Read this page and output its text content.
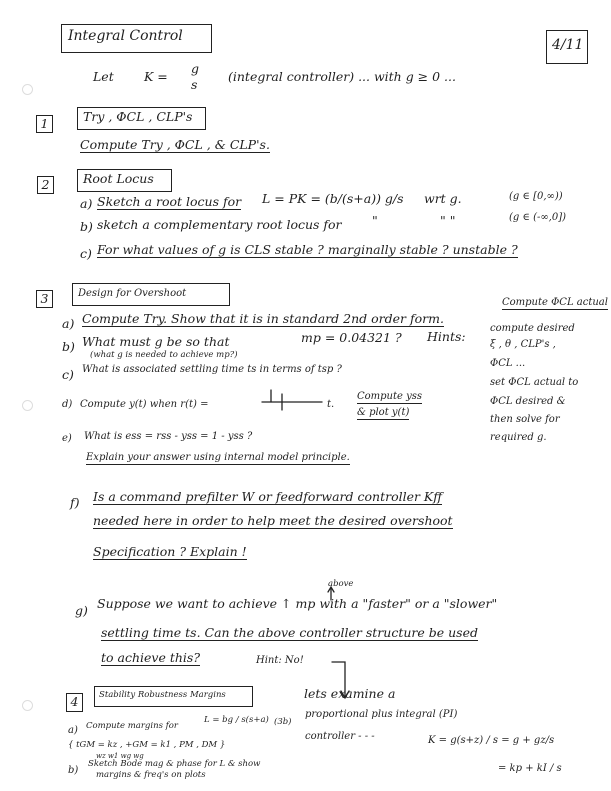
Integral Control
4/11
Let K =
g
s
(integral controller) ... with g ≥ 0 ...
1	Try , ΦCL , CLP's
Compute Try , ΦCL , & CLP's.
2	Root Locus
a) Sketch a root locus for L = PK = (b/(s+a)) g/s wrt g.	(g ∈ [0,∞))
b) sketch a complementary root locus for "	" "	(g ∈ (-∞,0])
c) For what values of g is CLS stable ? marginally stable ? unstable ?
3	Design for Overshoot
Compute ΦCL actual
a) Compute Try. Show that it is in standard 2nd order form.
b) What must g be so that	mp = 0.04321 ?
(what g is needed to achieve mp?)
Hints:
compute desired
ξ , θ , CLP's ,
ΦCL ...
set ΦCL actual to
ΦCL desired &
then solve for
required g.
c) What is associated settling time ts in terms of tsp ?
d) Compute y(t) when r(t) =	t.
Compute yss
& plot y(t)
e) What is ess = rss - yss = 1 - yss ?
Explain your answer using internal model principle.
f) Is a command prefilter W or feedforward controller Kff
needed here in order to help meet the desired overshoot
Specification ? Explain !
above
g) Suppose we want to achieve ↑ mp with a "faster" or a "slower"
settling time ts. Can the above controller structure be used
to achieve this?	Hint: No!
4	Stability Robustness Margins
a) Compute margins for
L = bg / s(s+a) (3b)
{ tGM = kz , +GM = k1 , PM , DM }
wz w1 wg wg
b)
Sketch Bode mag & phase for L & show
margins & freq's on plots
lets examine a
proportional plus integral (PI)
controller - - -	K = g(s+z) / s = g + gz/s
= kp + kI / s
